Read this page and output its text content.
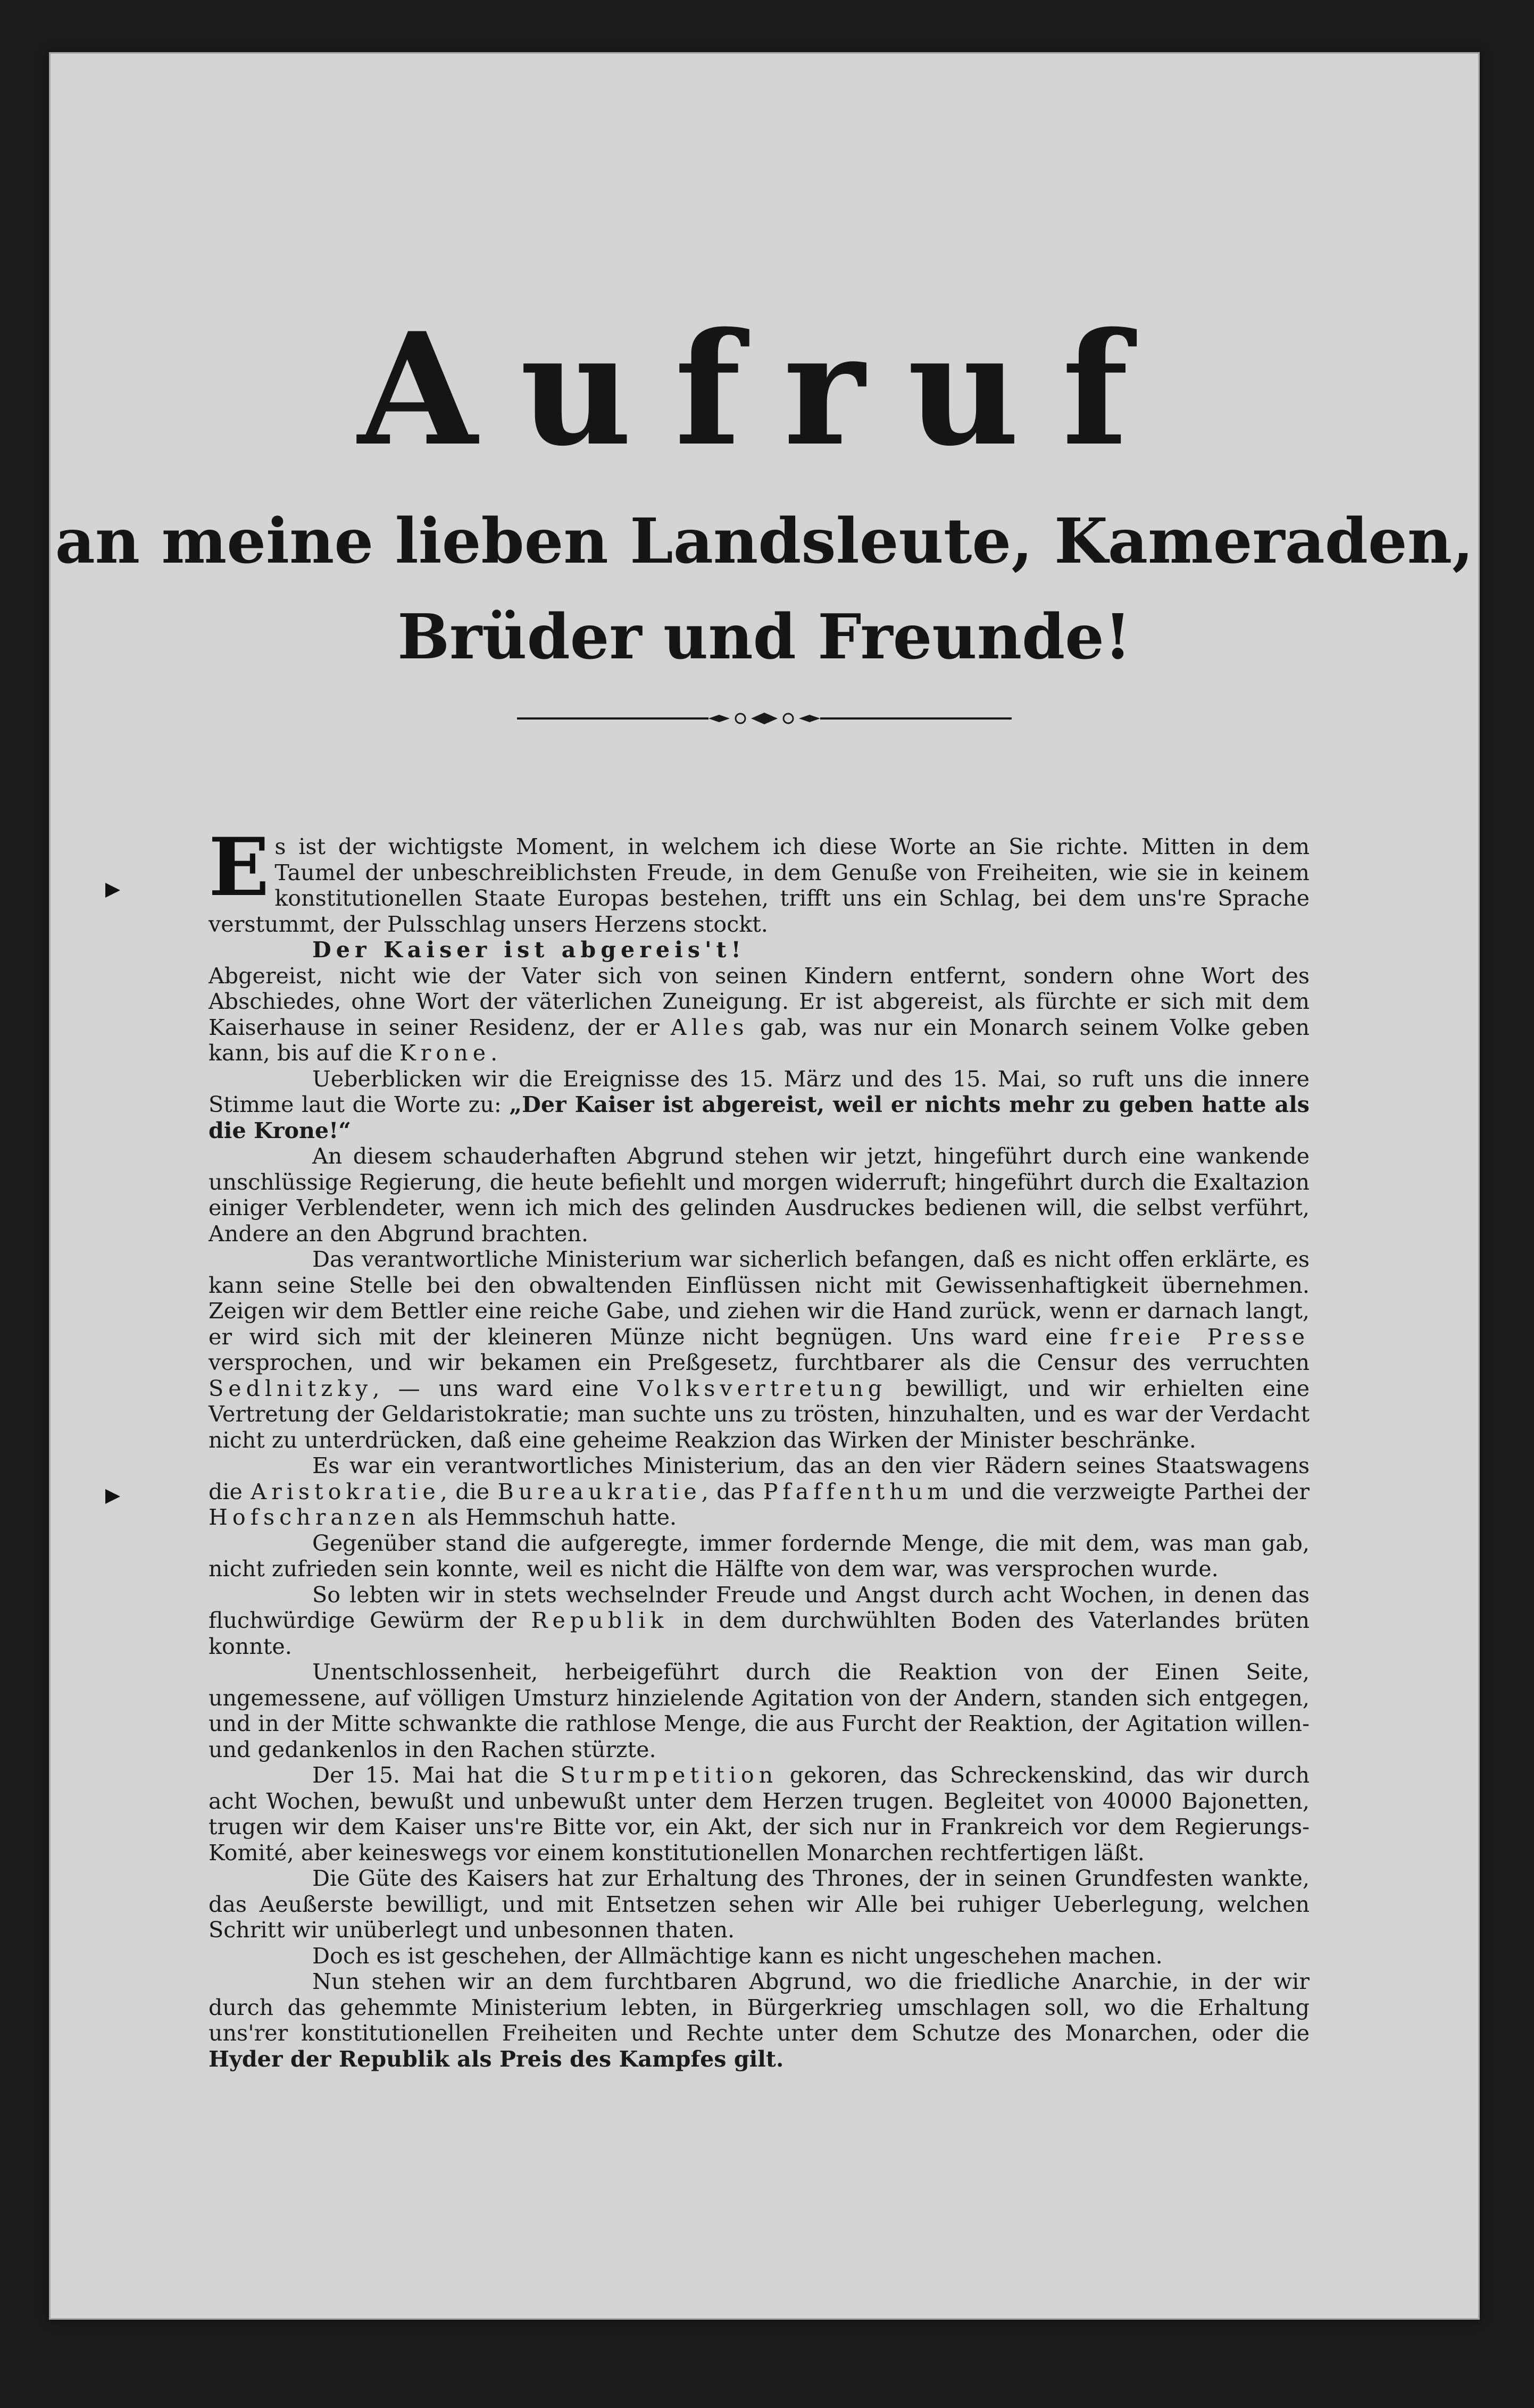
Aufruf
an meine lieben Landsleute, Kameraden,
Brüder und Freunde!

Es ist der wichtigste Moment, in welchem ich diese Worte an Sie richte. Mitten in dem Taumel der unbeschreiblichsten Freude, in dem Genuße von Freiheiten, wie sie in keinem konstitutionellen Staate Europas bestehen, trifft uns ein Schlag, bei dem uns're Sprache verstummt, der Pulsschlag unsers Herzens stockt.

Der Kaiser ist abgereis't!

Abgereist, nicht wie der Vater sich von seinen Kindern entfernt, sondern ohne Wort des Abschiedes, ohne Wort der väterlichen Zuneigung. Er ist abgereist, als fürchte er sich mit dem Kaiserhause in seiner Residenz, der er Alles gab, was nur ein Monarch seinem Volke geben kann, bis auf die Krone.

Ueberblicken wir die Ereignisse des 15. März und des 15. Mai, so ruft uns die innere Stimme laut die Worte zu: „Der Kaiser ist abgereist, weil er nichts mehr zu geben hatte als die Krone!“

An diesem schauderhaften Abgrund stehen wir jetzt, hingeführt durch eine wankende unschlüssige Regierung, die heute befiehlt und morgen widerruft; hingeführt durch die Exaltazion einiger Verblendeter, wenn ich mich des gelinden Ausdruckes bedienen will, die selbst verführt, Andere an den Abgrund brachten.

Das verantwortliche Ministerium war sicherlich befangen, daß es nicht offen erklärte, es kann seine Stelle bei den obwaltenden Einflüssen nicht mit Gewissenhaftigkeit übernehmen. Zeigen wir dem Bettler eine reiche Gabe, und ziehen wir die Hand zurück, wenn er darnach langt, er wird sich mit der kleineren Münze nicht begnügen. Uns ward eine freie Presse versprochen, und wir bekamen ein Preßgesetz, furchtbarer als die Censur des verruchten Sedlnitzky, — uns ward eine Volksvertretung bewilligt, und wir erhielten eine Vertretung der Geldaristokratie; man suchte uns zu trösten, hinzuhalten, und es war der Verdacht nicht zu unterdrücken, daß eine geheime Reakzion das Wirken der Minister beschränke.

Es war ein verantwortliches Ministerium, das an den vier Rädern seines Staatswagens die Aristokratie, die Bureaukratie, das Pfaffenthum und die verzweigte Parthei der Hofschranzen als Hemmschuh hatte.

Gegenüber stand die aufgeregte, immer fordernde Menge, die mit dem, was man gab, nicht zufrieden sein konnte, weil es nicht die Hälfte von dem war, was versprochen wurde.

So lebten wir in stets wechselnder Freude und Angst durch acht Wochen, in denen das fluchwürdige Gewürm der Republik in dem durchwühlten Boden des Vaterlandes brüten konnte.

Unentschlossenheit, herbeigeführt durch die Reaktion von der Einen Seite, ungemessene, auf völligen Umsturz hinzielende Agitation von der Andern, standen sich entgegen, und in der Mitte schwankte die rathlose Menge, die aus Furcht der Reaktion, der Agitation willen- und gedankenlos in den Rachen stürzte.

Der 15. Mai hat die Sturmpetition gekoren, das Schreckenskind, das wir durch acht Wochen, bewußt und unbewußt unter dem Herzen trugen. Begleitet von 40000 Bajonetten, trugen wir dem Kaiser uns're Bitte vor, ein Akt, der sich nur in Frankreich vor dem Regierungs-Komité, aber keineswegs vor einem konstitutionellen Monarchen rechtfertigen läßt.

Die Güte des Kaisers hat zur Erhaltung des Thrones, der in seinen Grundfesten wankte, das Aeußerste bewilligt, und mit Entsetzen sehen wir Alle bei ruhiger Ueberlegung, welchen Schritt wir unüberlegt und unbesonnen thaten.

Doch es ist geschehen, der Allmächtige kann es nicht ungeschehen machen.

Nun stehen wir an dem furchtbaren Abgrund, wo die friedliche Anarchie, in der wir durch das gehemmte Ministerium lebten, in Bürgerkrieg umschlagen soll, wo die Erhaltung uns'rer konstitutionellen Freiheiten und Rechte unter dem Schutze des Monarchen, oder die Hyder der Republik als Preis des Kampfes gilt.
